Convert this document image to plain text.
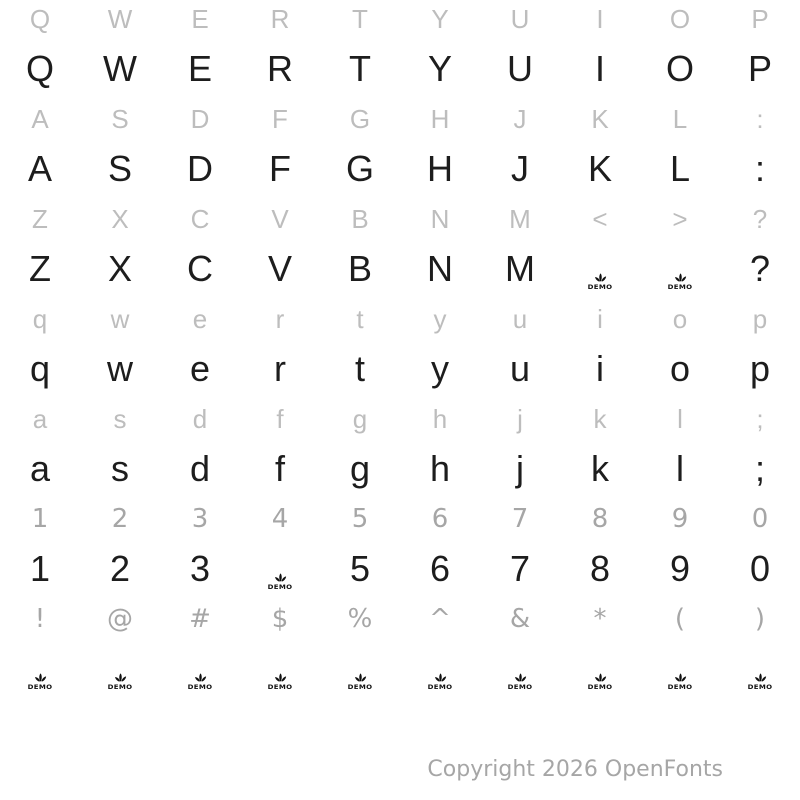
Q W E R T Y U	I	O P
Q W E R T Y U I O P
A S D F G H J K L	:
A S D F G H J K L :
Z X C V B N M < >	?
Z X C V B N M	DEMO	DEMO ?
q w e	r	t	y	u	i	o	p
q w e r t y u i o p
a	s	d	f	g	h	j	k	l	;
a s d f g h j k l ;
1 2 3 4 5 6 7 8 9 0
1 2 3	DEMO 5 6 7 8 9 0
! @ # $ % ^ & *	(	)
DEMO	DEMO	DEMO	DEMO	DEMO	DEMO	DEMO	DEMO	DEMO	DEMO
Copyright 2026 OpenFonts
